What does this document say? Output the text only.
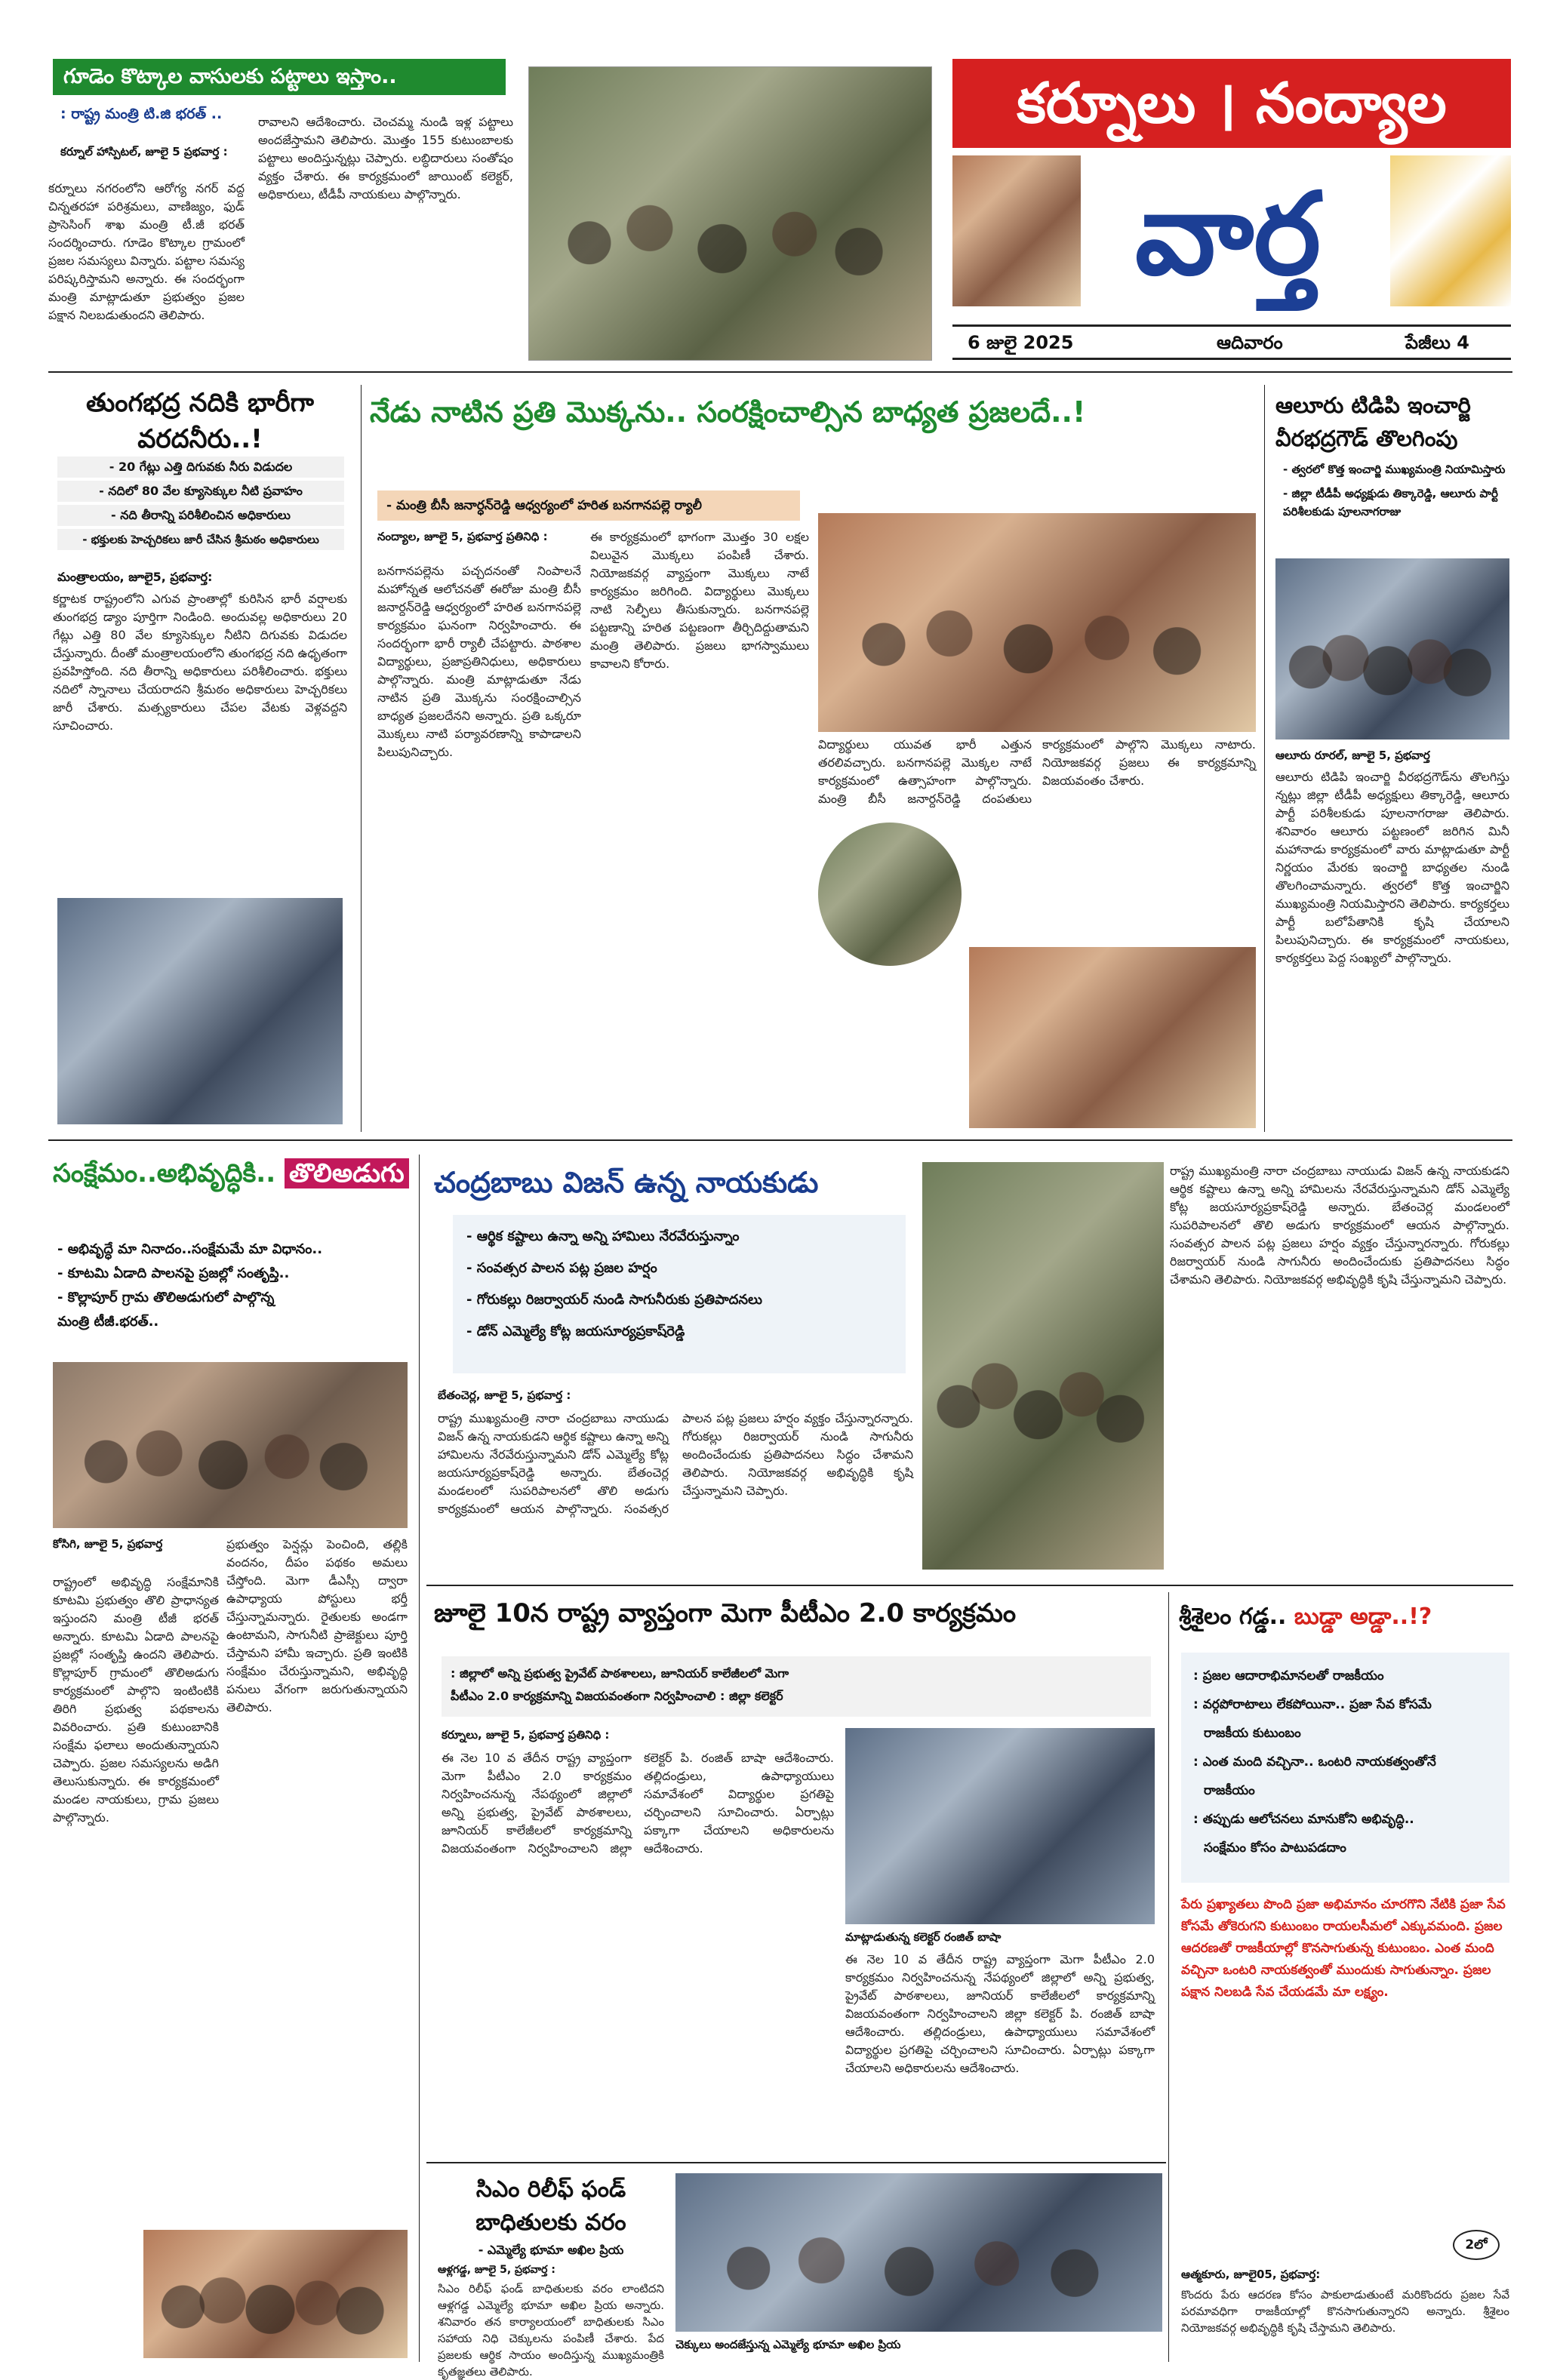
గూడెం కొట్కాల వాసులకు పట్టాలు ఇస్తాం..
: రాష్ట్ర మంత్రి టి.జి భరత్ ..
కర్నూల్ హాస్పిటల్, జూలై 5 ప్రభవార్త :
కర్నూలు నగరంలోని ఆరోగ్య నగర్ వద్ద చిన్నతరహా పరిశ్రమలు, వాణిజ్యం, ఫుడ్ ప్రాసెసింగ్ శాఖ మంత్రి టీ.జీ భరత్ సందర్శించారు. గూడెం కొట్కాల గ్రామంలో ప్రజల సమస్యలు విన్నారు. పట్టాల సమస్య పరిష్కరిస్తామని అన్నారు. ఈ సందర్భంగా మంత్రి మాట్లాడుతూ ప్రభుత్వం ప్రజల పక్షాన నిలబడుతుందని తెలిపారు.
రావాలని ఆదేశించారు. చెంచమ్మ నుండి ఇళ్ల పట్టాలు అందజేస్తామని తెలిపారు. మొత్తం 155 కుటుంబాలకు పట్టాలు అందిస్తున్నట్లు చెప్పారు. లబ్ధిదారులు సంతోషం వ్యక్తం చేశారు. ఈ కార్యక్రమంలో జాయింట్ కలెక్టర్, అధికారులు, టీడీపీ నాయకులు పాల్గొన్నారు.
కర్నూలు । నంద్యాల
వార్త
6 జులై 2025	ఆదివారం	పేజీలు 4
తుంగభద్ర నదికి భారీగా
వరదనీరు..!
- 20 గేట్లు ఎత్తి దిగువకు నీరు విడుదల
- నదిలో 80 వేల క్యూసెక్కుల నీటి ప్రవాహం
- నది తీరాన్ని పరిశీలించిన అధికారులు
- భక్తులకు హెచ్చరికలు జారీ చేసిన శ్రీమఠం అధికారులు
మంత్రాలయం, జూలై5, ప్రభవార్త:
కర్ణాటక రాష్ట్రంలోని ఎగువ ప్రాంతాల్లో కురిసిన భారీ వర్షాలకు తుంగభద్ర డ్యాం పూర్తిగా నిండింది. అందువల్ల అధికారులు 20 గేట్లు ఎత్తి 80 వేల క్యూసెక్కుల నీటిని దిగువకు విడుదల చేస్తున్నారు. దీంతో మంత్రాలయంలోని తుంగభద్ర నది ఉధృతంగా ప్రవహిస్తోంది. నది తీరాన్ని అధికారులు పరిశీలించారు. భక్తులు నదిలో స్నానాలు చేయరాదని శ్రీమఠం అధికారులు హెచ్చరికలు జారీ చేశారు. మత్స్యకారులు చేపల వేటకు వెళ్లవద్దని సూచించారు.
నేడు నాటిన ప్రతి మొక్కను.. సంరక్షించాల్సిన బాధ్యత ప్రజలదే..!
- మంత్రి బీసీ జనార్ధన్‌రెడ్డి ఆధ్వర్యంలో హరిత బనగానపల్లె ర్యాలీ
నంద్యాల, జూలై 5, ప్రభవార్త ప్రతినిధి :
బనగానపల్లెను పచ్చదనంతో నింపాలనే మహోన్నత ఆలోచనతో ఈరోజు మంత్రి బీసీ జనార్దన్‌రెడ్డి ఆధ్వర్యంలో హరిత బనగానపల్లె కార్యక్రమం ఘనంగా నిర్వహించారు. ఈ సందర్భంగా భారీ ర్యాలీ చేపట్టారు. పాఠశాల విద్యార్థులు, ప్రజాప్రతినిధులు, అధికారులు పాల్గొన్నారు. మంత్రి మాట్లాడుతూ నేడు నాటిన ప్రతి మొక్కను సంరక్షించాల్సిన బాధ్యత ప్రజలదేనని అన్నారు. ప్రతి ఒక్కరూ మొక్కలు నాటి పర్యావరణాన్ని కాపాడాలని పిలుపునిచ్చారు.
ఈ కార్యక్రమంలో భాగంగా మొత్తం 30 లక్షల విలువైన మొక్కలు పంపిణీ చేశారు. నియోజకవర్గ వ్యాప్తంగా మొక్కలు నాటే కార్యక్రమం జరిగింది. విద్యార్థులు మొక్కలు నాటి సెల్ఫీలు తీసుకున్నారు. బనగానపల్లె పట్టణాన్ని హరిత పట్టణంగా తీర్చిదిద్దుతామని మంత్రి తెలిపారు. ప్రజలు భాగస్వాములు కావాలని కోరారు.
విద్యార్థులు యువత భారీ ఎత్తున తరలివచ్చారు. బనగానపల్లె మొక్కల నాటే కార్యక్రమంలో ఉత్సాహంగా పాల్గొన్నారు. మంత్రి బీసీ జనార్దన్‌రెడ్డి దంపతులు కార్యక్రమంలో పాల్గొని మొక్కలు నాటారు. నియోజకవర్గ ప్రజలు ఈ కార్యక్రమాన్ని విజయవంతం చేశారు.
ఆలూరు టిడిపి ఇంచార్జి
వీరభద్రగౌడ్ తొలగింపు
- త్వరలో కొత్త ఇంచార్జి ముఖ్యమంత్రి నియామిస్తారు
- జిల్లా టీడీపీ అధ్యక్షుడు తిక్కారెడ్డి, ఆలూరు పార్టీ పరిశీలకుడు పూలనాగరాజు
ఆలూరు రూరల్, జూలై 5, ప్రభవార్త
ఆలూరు టిడిపి ఇంచార్జి వీరభద్రగౌడ్‌ను తొలగిస్తు న్నట్లు జిల్లా టీడీపీ అధ్యక్షులు తిక్కారెడ్డి, ఆలూరు పార్టీ పరిశీలకుడు పూలనాగరాజు తెలిపారు. శనివారం ఆలూరు పట్టణంలో జరిగిన మినీ మహానాడు కార్యక్రమంలో వారు మాట్లాడుతూ పార్టీ నిర్ణయం మేరకు ఇంచార్జి బాధ్యతల నుండి తొలగించామన్నారు. త్వరలో కొత్త ఇంచార్జిని ముఖ్యమంత్రి నియమిస్తారని తెలిపారు. కార్యకర్తలు పార్టీ బలోపేతానికి కృషి చేయాలని పిలుపునిచ్చారు. ఈ కార్యక్రమంలో నాయకులు, కార్యకర్తలు పెద్ద సంఖ్యలో పాల్గొన్నారు.
సంక్షేమం..అభివృద్ధికి.. తొలిఅడుగు
- అభివృద్ధే మా నినాదం..సంక్షేమమే మా విధానం..
- కూటమి ఏడాది పాలనపై ప్రజల్లో సంతృప్తి..
- కొల్లాపూర్ గ్రామ తొలిఅడుగులో పాల్గొన్న
మంత్రి టీజీ.భరత్..
కోసిగి, జూలై 5, ప్రభవార్త
రాష్ట్రంలో అభివృద్ధి సంక్షేమానికి కూటమి ప్రభుత్వం తొలి ప్రాధాన్యత ఇస్తుందని మంత్రి టీజీ భరత్ అన్నారు. కూటమి ఏడాది పాలనపై ప్రజల్లో సంతృప్తి ఉందని తెలిపారు. కొల్లాపూర్ గ్రామంలో తొలిఅడుగు కార్యక్రమంలో పాల్గొని ఇంటింటికి తిరిగి ప్రభుత్వ పథకాలను వివరించారు. ప్రతి కుటుంబానికి సంక్షేమ ఫలాలు అందుతున్నాయని చెప్పారు. ప్రజల సమస్యలను అడిగి తెలుసుకున్నారు. ఈ కార్యక్రమంలో మండల నాయకులు, గ్రామ ప్రజలు పాల్గొన్నారు.
ప్రభుత్వం పెన్షన్లు పెంచింది, తల్లికి వందనం, దీపం పథకం అమలు చేస్తోంది. మెగా డీఎస్సీ ద్వారా ఉపాధ్యాయ పోస్టులు భర్తీ చేస్తున్నామన్నారు. రైతులకు అండగా ఉంటామని, సాగునీటి ప్రాజెక్టులు పూర్తి చేస్తామని హామీ ఇచ్చారు. ప్రతి ఇంటికి సంక్షేమం చేరుస్తున్నామని, అభివృద్ధి పనులు వేగంగా జరుగుతున్నాయని తెలిపారు.
చంద్రబాబు విజన్ ఉన్న నాయకుడు
- ఆర్థిక కష్టాలు ఉన్నా అన్ని హామిలు నేరవేరుస్తున్నాం
- సంవత్సర పాలన పట్ల ప్రజల హర్షం
- గోరుకల్లు రిజర్వాయర్ నుండి సాగునీరుకు ప్రతిపాదనలు
- డోన్ ఎమ్మెల్యే కోట్ల జయసూర్యప్రకాష్‌రెడ్డి
బేతంచెర్ల, జూలై 5, ప్రభవార్త :
రాష్ట్ర ముఖ్యమంత్రి నారా చంద్రబాబు నాయుడు విజన్ ఉన్న నాయకుడని ఆర్థిక కష్టాలు ఉన్నా అన్ని హామిలను నేరవేరుస్తున్నామని డోన్ ఎమ్మెల్యే కోట్ల జయసూర్యప్రకాష్‌రెడ్డి అన్నారు. బేతంచెర్ల మండలంలో సుపరిపాలనలో తొలి అడుగు కార్యక్రమంలో ఆయన పాల్గొన్నారు. సంవత్సర పాలన పట్ల ప్రజలు హర్షం వ్యక్తం చేస్తున్నారన్నారు. గోరుకల్లు రిజర్వాయర్ నుండి సాగునీరు అందించేందుకు ప్రతిపాదనలు సిద్ధం చేశామని తెలిపారు. నియోజకవర్గ అభివృద్ధికి కృషి చేస్తున్నామని చెప్పారు.
రాష్ట్ర ముఖ్యమంత్రి నారా చంద్రబాబు నాయుడు విజన్ ఉన్న నాయకుడని ఆర్థిక కష్టాలు ఉన్నా అన్ని హామిలను నేరవేరుస్తున్నామని డోన్ ఎమ్మెల్యే కోట్ల జయసూర్యప్రకాష్‌రెడ్డి అన్నారు. బేతంచెర్ల మండలంలో సుపరిపాలనలో తొలి అడుగు కార్యక్రమంలో ఆయన పాల్గొన్నారు. సంవత్సర పాలన పట్ల ప్రజలు హర్షం వ్యక్తం చేస్తున్నారన్నారు. గోరుకల్లు రిజర్వాయర్ నుండి సాగునీరు అందించేందుకు ప్రతిపాదనలు సిద్ధం చేశామని తెలిపారు. నియోజకవర్గ అభివృద్ధికి కృషి చేస్తున్నామని చెప్పారు.
జూలై 10న రాష్ట్ర వ్యాప్తంగా మెగా పీటీఎం 2.0 కార్యక్రమం
: జిల్లాలో అన్ని ప్రభుత్వ ప్రైవేట్ పాఠశాలలు, జూనియర్ కాలేజీలలో మెగా
పీటీఎం 2.0 కార్యక్రమాన్ని విజయవంతంగా నిర్వహించాలి : జిల్లా కలెక్టర్
కర్నూలు, జూలై 5, ప్రభవార్త ప్రతినిధి :
ఈ నెల 10 వ తేదీన రాష్ట్ర వ్యాప్తంగా మెగా పీటీఎం 2.0 కార్యక్రమం నిర్వహించనున్న నేపథ్యంలో జిల్లాలో అన్ని ప్రభుత్వ, ప్రైవేట్ పాఠశాలలు, జూనియర్ కాలేజీలలో కార్యక్రమాన్ని విజయవంతంగా నిర్వహించాలని జిల్లా కలెక్టర్ పి. రంజిత్ బాషా ఆదేశించారు. తల్లిదండ్రులు, ఉపాధ్యాయులు సమావేశంలో విద్యార్థుల ప్రగతిపై చర్చించాలని సూచించారు. ఏర్పాట్లు పక్కాగా చేయాలని అధికారులను ఆదేశించారు.
మాట్లాడుతున్న కలెక్టర్ రంజిత్ బాషా
ఈ నెల 10 వ తేదీన రాష్ట్ర వ్యాప్తంగా మెగా పీటీఎం 2.0 కార్యక్రమం నిర్వహించనున్న నేపథ్యంలో జిల్లాలో అన్ని ప్రభుత్వ, ప్రైవేట్ పాఠశాలలు, జూనియర్ కాలేజీలలో కార్యక్రమాన్ని విజయవంతంగా నిర్వహించాలని జిల్లా కలెక్టర్ పి. రంజిత్ బాషా ఆదేశించారు. తల్లిదండ్రులు, ఉపాధ్యాయులు సమావేశంలో విద్యార్థుల ప్రగతిపై చర్చించాలని సూచించారు. ఏర్పాట్లు పక్కాగా చేయాలని అధికారులను ఆదేశించారు.
సిఎం రిలీఫ్ ఫండ్
బాధితులకు వరం
- ఎమ్మెల్యే భూమా అఖిల ప్రియ
ఆళ్లగడ్డ, జూలై 5, ప్రభవార్త :
సిఎం రిలీఫ్ ఫండ్ బాధితులకు వరం లాంటిదని ఆళ్లగడ్డ ఎమ్మెల్యే భూమా అఖిల ప్రియ అన్నారు. శనివారం తన కార్యాలయంలో బాధితులకు సిఎం సహాయ నిధి చెక్కులను పంపిణీ చేశారు. పేద ప్రజలకు ఆర్థిక సాయం అందిస్తున్న ముఖ్యమంత్రికి కృతజ్ఞతలు తెలిపారు.
చెక్కులు అందజేస్తున్న ఎమ్మెల్యే భూమా అఖిల ప్రియ
శ్రీశైలం గడ్డ.. బుడ్డా అడ్డా..!?
: ప్రజల ఆదారాభిమానలతో రాజకీయం
: వర్గపోరాటాలు లేకపోయినా.. ప్రజా సేవ కోసమే
రాజకీయ కుటుంబం
: ఎంత మంది వచ్చినా.. ఒంటరి నాయకత్వంతోనే
రాజకీయం
: తప్పుడు ఆలోచనలు మానుకోని అభివృద్ధి..
సంక్షేమం కోసం పాటుపడదాం
పేరు ప్రఖ్యాతలు పొంది ప్రజా అభిమానం చూరగొని నేటికి ప్రజా సేవ కోసమే తోకెరుగని కుటుంబం రాయలసీమలో ఎక్కువమంది. ప్రజల ఆదరణతో రాజకీయాల్లో కొనసాగుతున్న కుటుంబం. ఎంత మంది వచ్చినా ఒంటరి నాయకత్వంతో ముందుకు సాగుతున్నాం. ప్రజల పక్షాన నిలబడి సేవ చేయడమే మా లక్ష్యం.
2లో
ఆత్మకూరు, జూలై05, ప్రభవార్త:
కొందరు పేరు ఆదరణ కోసం పాకులాడుతుంటే మరికొందరు ప్రజల సేవే పరమావధిగా రాజకీయాల్లో కొనసాగుతున్నారని అన్నారు. శ్రీశైలం నియోజకవర్గ అభివృద్ధికి కృషి చేస్తామని తెలిపారు.
